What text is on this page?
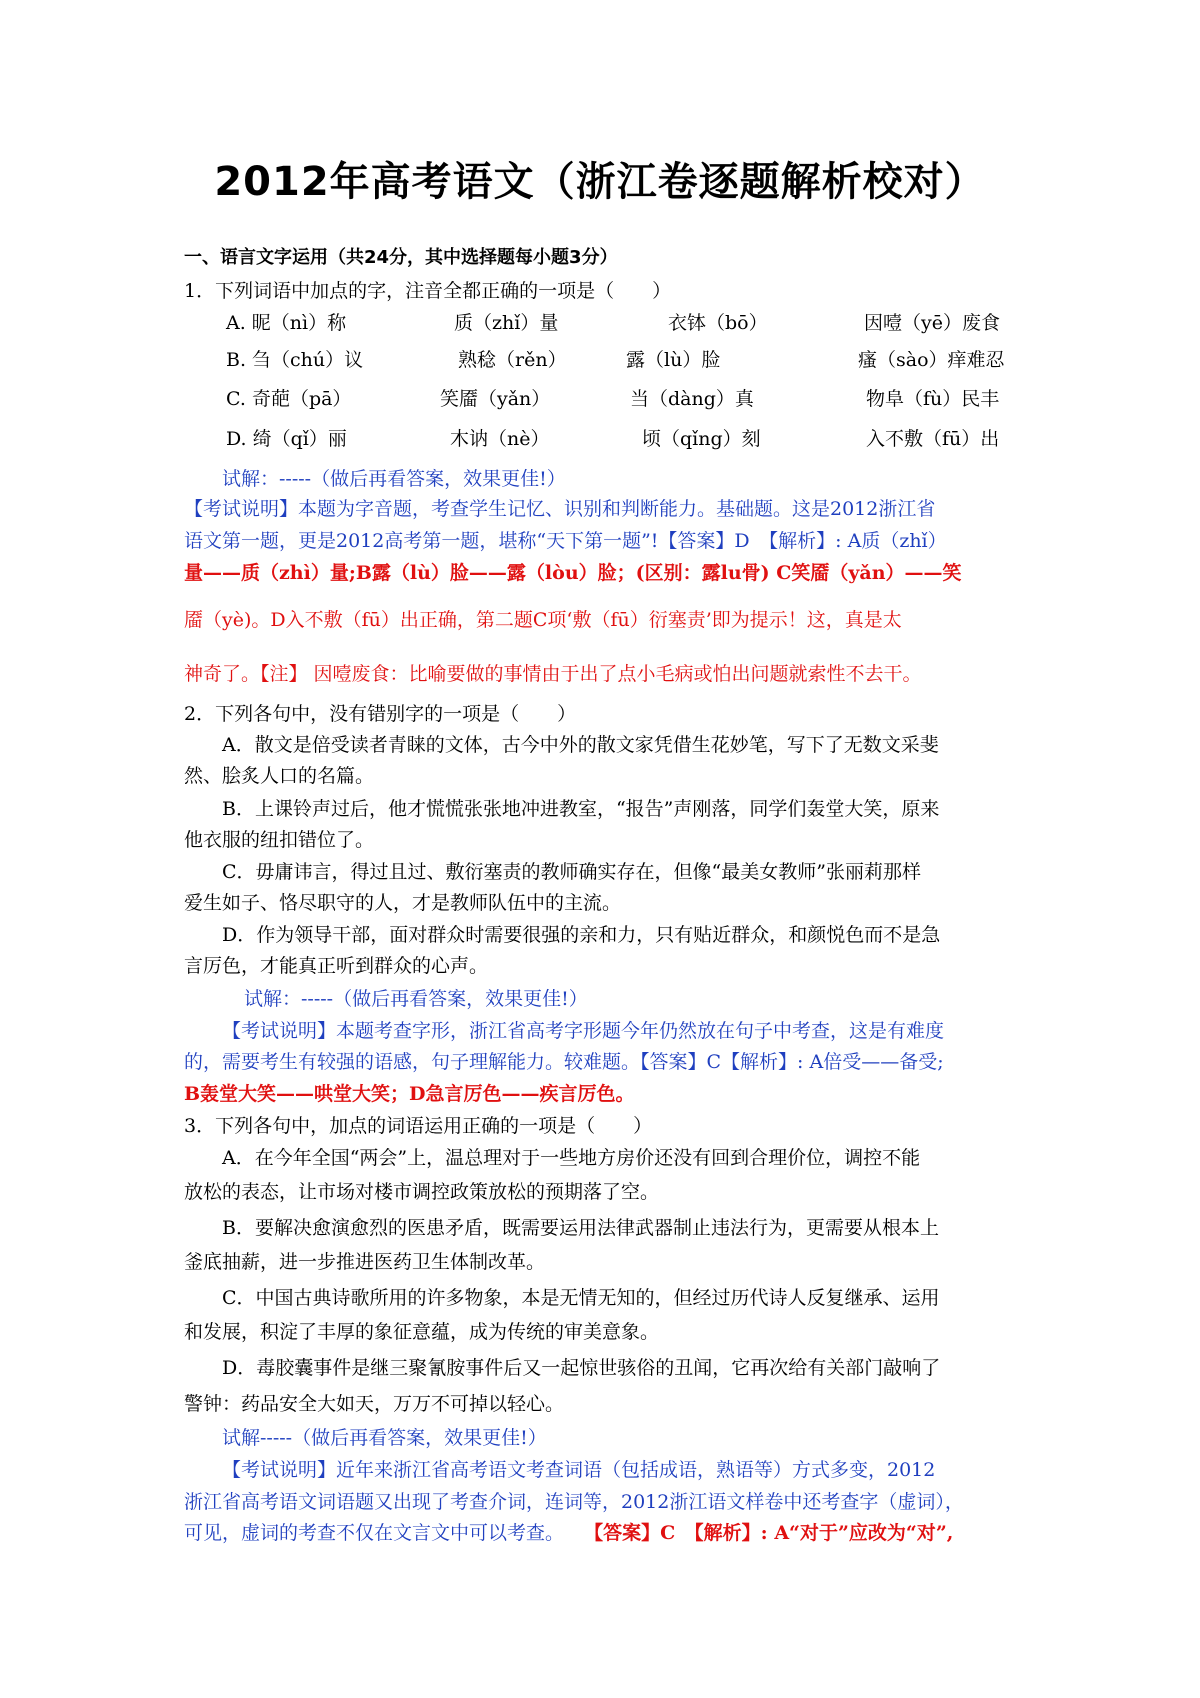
2012年高考语文（浙江卷逐题解析校对）
一、语言文字运用（共24分，其中选择题每小题3分）
1．下列词语中加点的字，注音全都正确的一项是（　　）
A. 昵（nì）称	质（zhǐ）量	衣钵（bō）	因噎（yē）废食
B. 刍（chú）议	熟稔（rěn）	露（lù）脸	瘙（sào）痒难忍
C. 奇葩（pā）	笑靥（yǎn）	当（dàng）真	物阜（fù）民丰
D. 绮（qǐ）丽	木讷（nè）	顷（qǐng）刻	入不敷（fū）出
试解：-----（做后再看答案，效果更佳!）
【考试说明】本题为字音题，考查学生记忆、识别和判断能力。基础题。这是2012浙江省
语文第一题，更是2012高考第一题，堪称“天下第一题”!【答案】D　【解析】: A质（zhǐ）
量——质（zhì）量;B露（lù）脸——露（lòu）脸；(区别：露lu骨) C笑靥（yǎn）——笑
靥（yè)。D入不敷（fū）出正确，第二题C项‘敷（fū）衍塞责’即为提示！这，真是太
神奇了。【注】 因噎废食：比喻要做的事情由于出了点小毛病或怕出问题就索性不去干。
2．下列各句中，没有错别字的一项是（　　）
A．散文是倍受读者青睐的文体，古今中外的散文家凭借生花妙笔，写下了无数文采斐
然、脍炙人口的名篇。
B．上课铃声过后，他才慌慌张张地冲进教室，“报告”声刚落，同学们轰堂大笑，原来
他衣服的纽扣错位了。
C．毋庸讳言，得过且过、敷衍塞责的教师确实存在，但像“最美女教师”张丽莉那样
爱生如子、恪尽职守的人，才是教师队伍中的主流。
D．作为领导干部，面对群众时需要很强的亲和力，只有贴近群众，和颜悦色而不是急
言厉色，才能真正听到群众的心声。
试解：-----（做后再看答案，效果更佳!）
【考试说明】本题考查字形，浙江省高考字形题今年仍然放在句子中考查，这是有难度
的，需要考生有较强的语感，句子理解能力。较难题。【答案】C【解析】: A倍受——备受;
B轰堂大笑——哄堂大笑；D急言厉色——疾言厉色。
3．下列各句中，加点的词语运用正确的一项是（　　）
A．在今年全国“两会”上，温总理对于一些地方房价还没有回到合理价位，调控不能
放松的表态，让市场对楼市调控政策放松的预期落了空。
B．要解决愈演愈烈的医患矛盾，既需要运用法律武器制止违法行为，更需要从根本上
釜底抽薪，进一步推进医药卫生体制改革。
C．中国古典诗歌所用的许多物象，本是无情无知的，但经过历代诗人反复继承、运用
和发展，积淀了丰厚的象征意蕴，成为传统的审美意象。
D．毒胶囊事件是继三聚氰胺事件后又一起惊世骇俗的丑闻，它再次给有关部门敲响了
警钟：药品安全大如天，万万不可掉以轻心。
试解-----（做后再看答案，效果更佳!）
【考试说明】近年来浙江省高考语文考查词语（包括成语，熟语等）方式多变，2012
浙江省高考语文词语题又出现了考查介词，连词等，2012浙江语文样卷中还考查字（虚词），
可见，虚词的考查不仅在文言文中可以考查。 【答案】C　【解析】: A“对于”应改为“对”,
